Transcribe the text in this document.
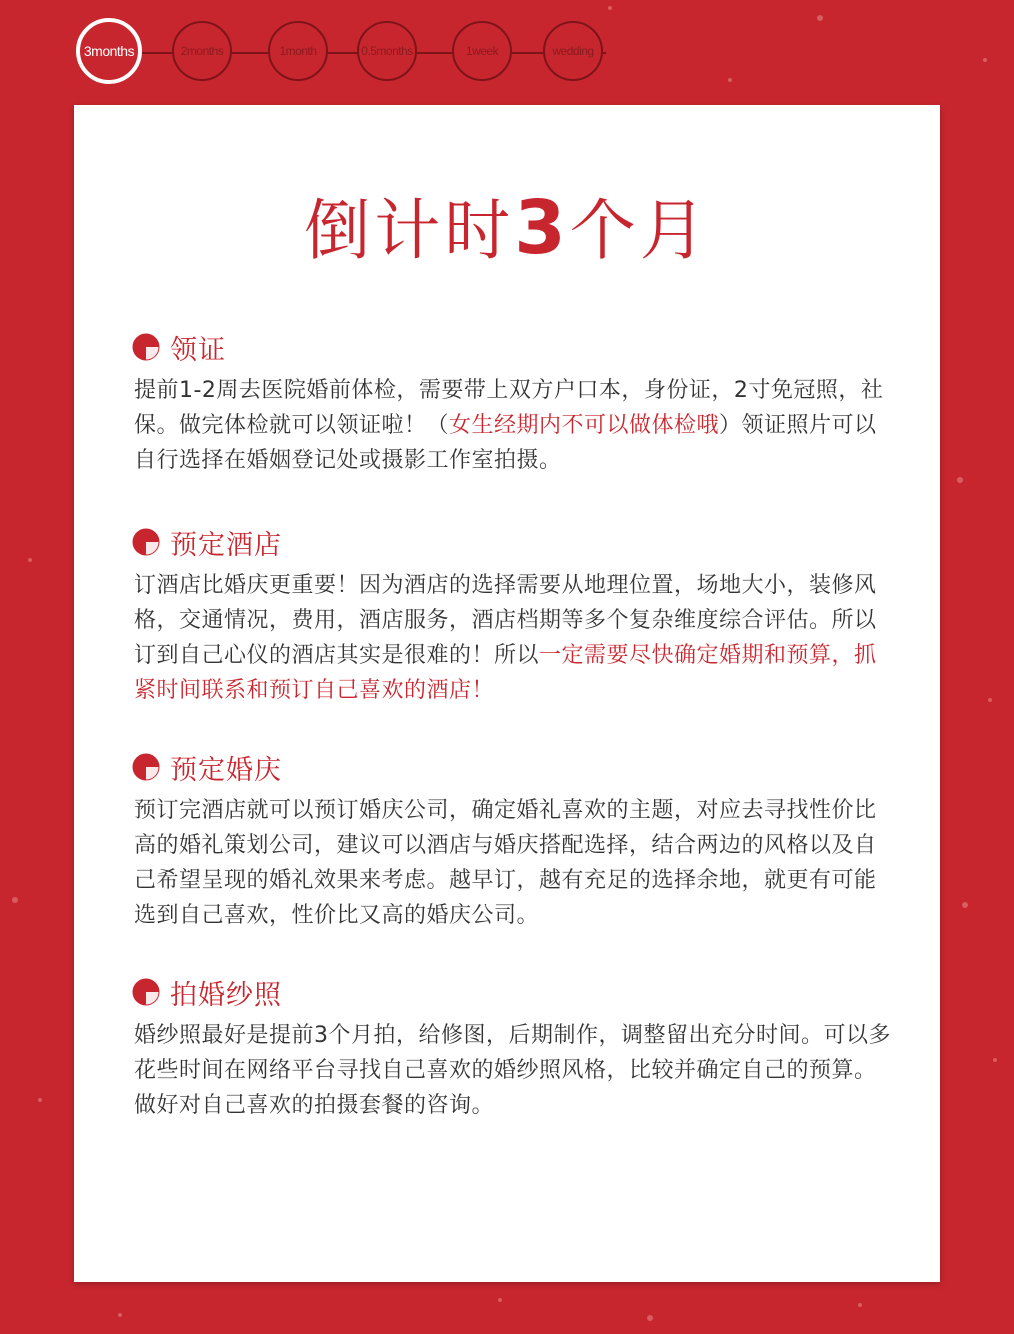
3months	2months	1month	0.5months	1week	wedding
倒计时3个月
领证
提前1-2周去医院婚前体检，需要带上双方户口本，身份证，2寸免冠照，社保。做完体检就可以领证啦！（女生经期内不可以做体检哦）领证照片可以自行选择在婚姻登记处或摄影工作室拍摄。
预定酒店
订酒店比婚庆更重要！因为酒店的选择需要从地理位置，场地大小，装修风格，交通情况，费用，酒店服务，酒店档期等多个复杂维度综合评估。所以订到自己心仪的酒店其实是很难的！所以一定需要尽快确定婚期和预算，抓紧时间联系和预订自己喜欢的酒店！
预定婚庆
预订完酒店就可以预订婚庆公司，确定婚礼喜欢的主题，对应去寻找性价比高的婚礼策划公司，建议可以酒店与婚庆搭配选择，结合两边的风格以及自己希望呈现的婚礼效果来考虑。越早订，越有充足的选择余地，就更有可能选到自己喜欢，性价比又高的婚庆公司。
拍婚纱照
婚纱照最好是提前3个月拍，给修图，后期制作，调整留出充分时间。可以多花些时间在网络平台寻找自己喜欢的婚纱照风格，比较并确定自己的预算。做好对自己喜欢的拍摄套餐的咨询。
